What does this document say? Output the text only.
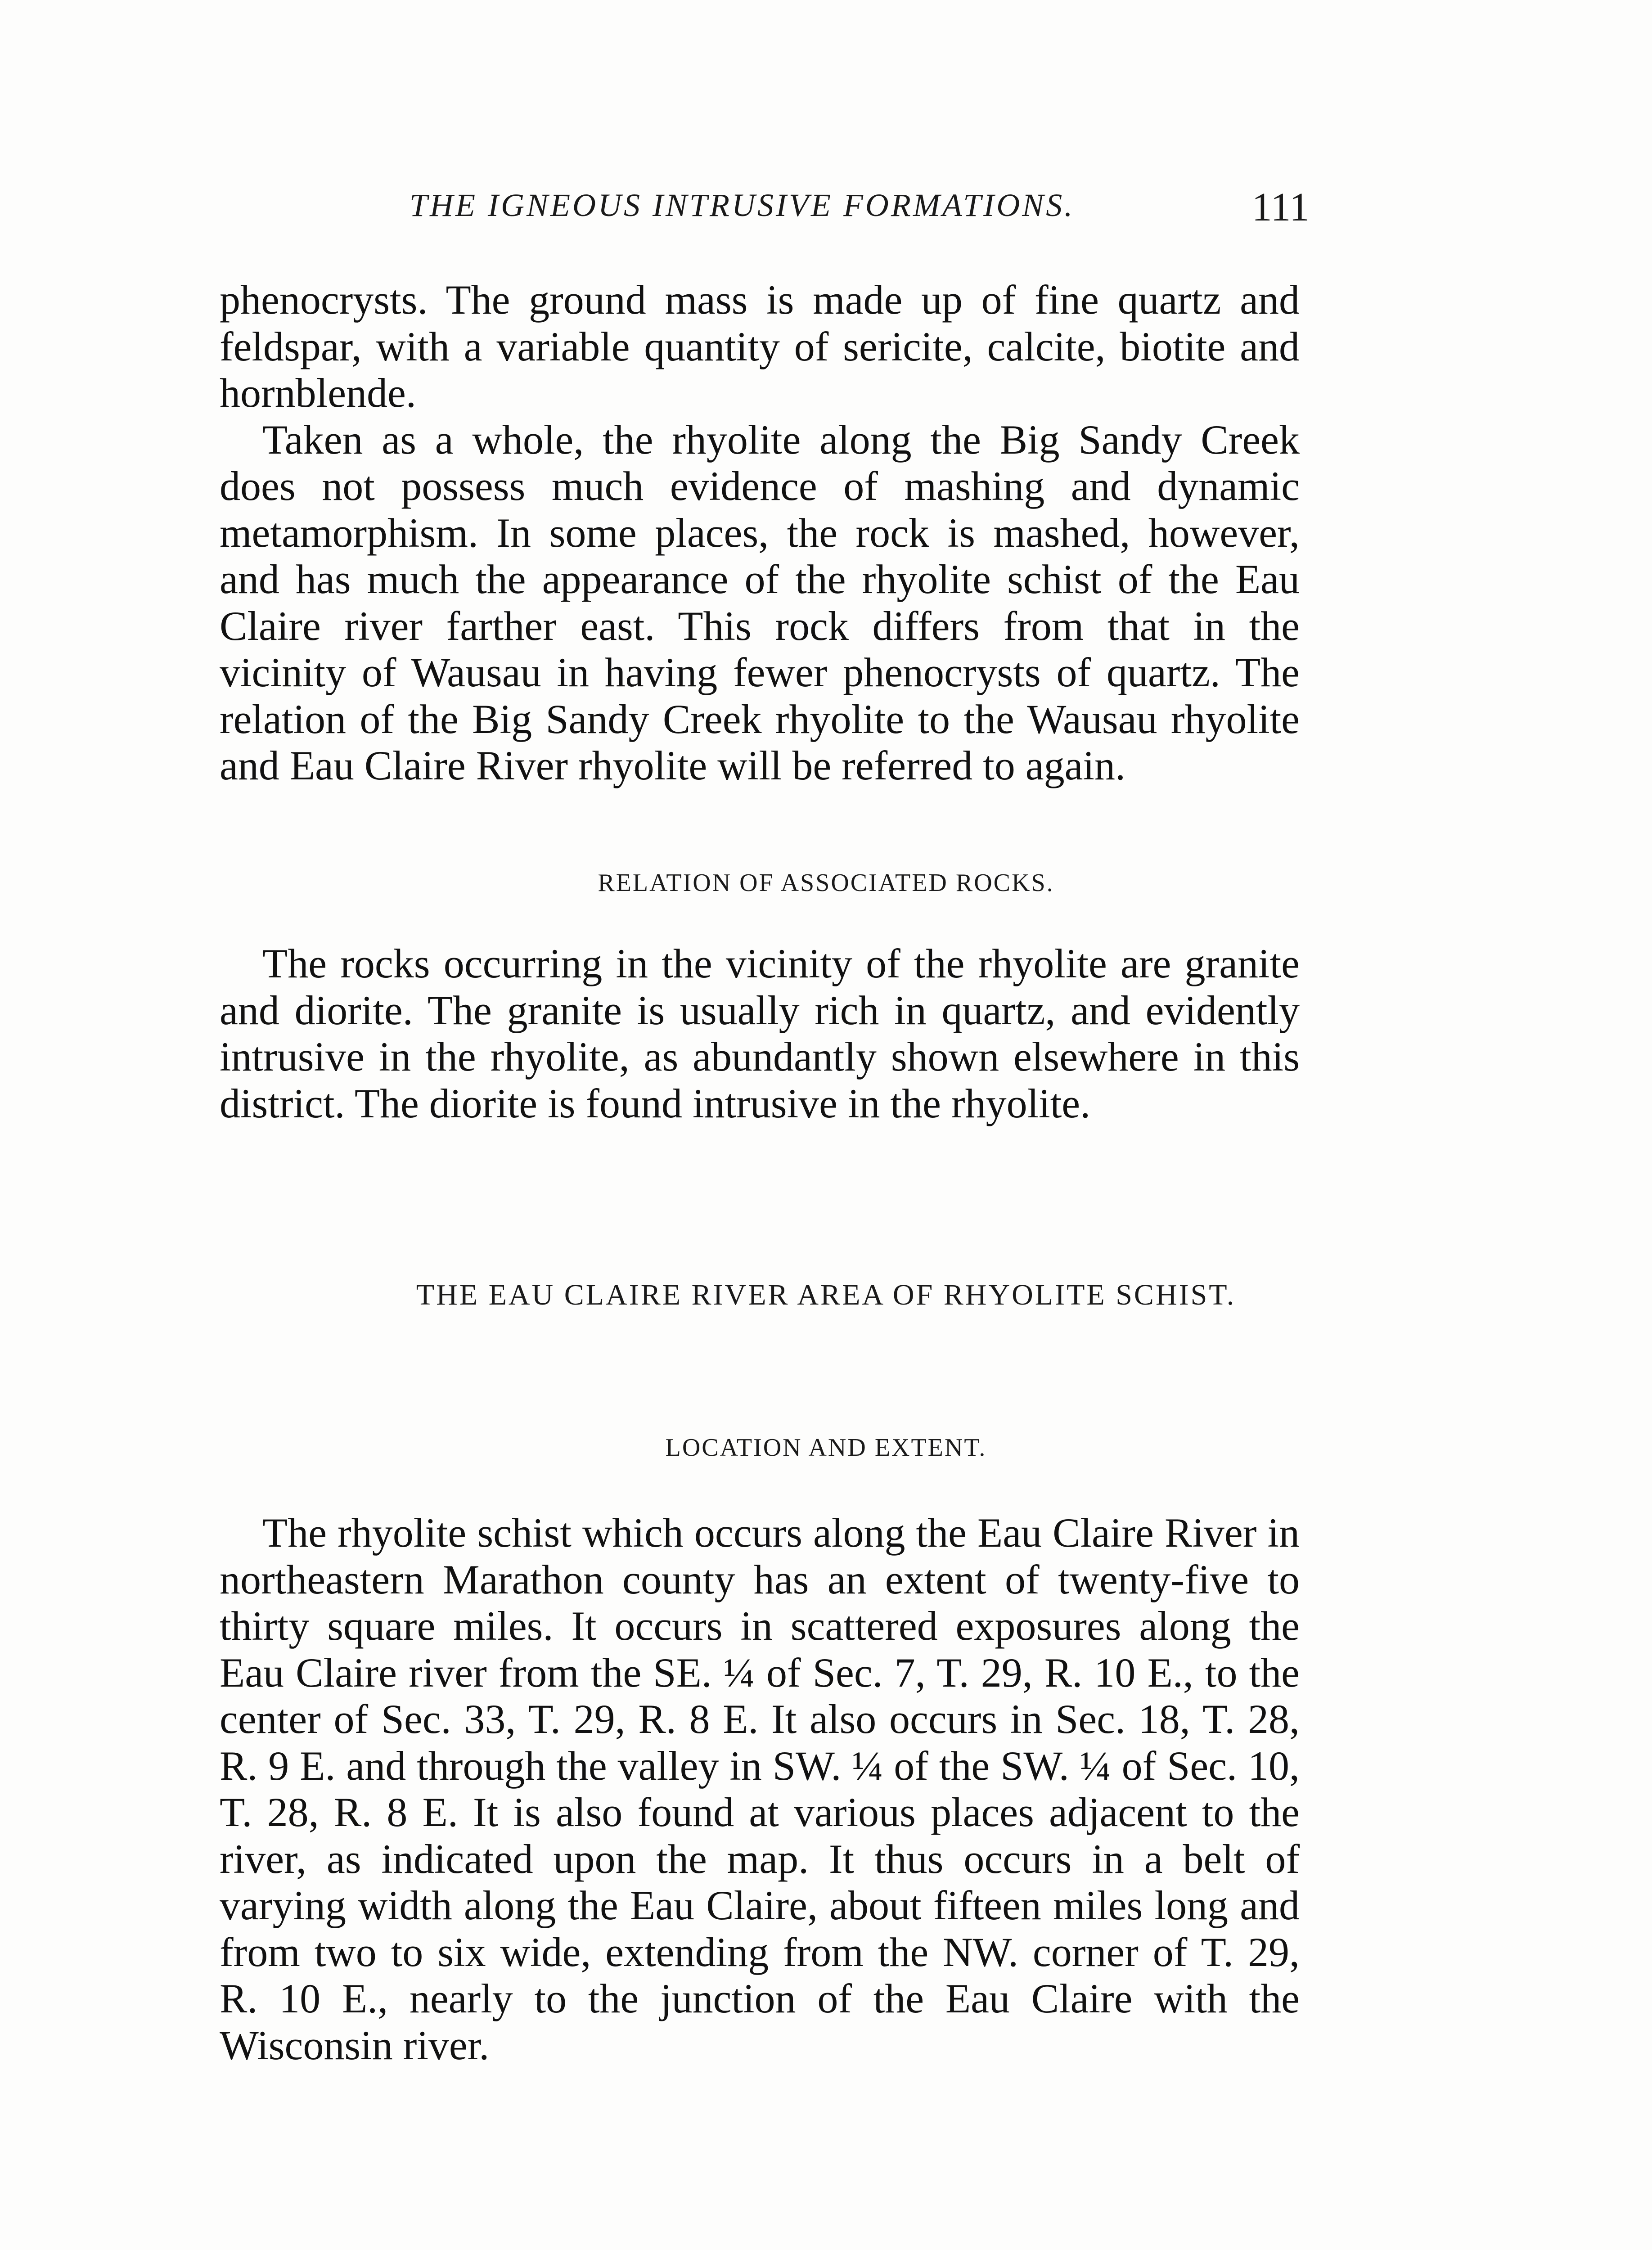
THE IGNEOUS INTRUSIVE FORMATIONS.	111

phenocrysts. The ground mass is made up of fine quartz and feldspar, with a variable quantity of sericite, calcite, biotite and hornblende.

Taken as a whole, the rhyolite along the Big Sandy Creek does not possess much evidence of mashing and dynamic metamorphism. In some places, the rock is mashed, however, and has much the appearance of the rhyolite schist of the Eau Claire river farther east. This rock differs from that in the vicinity of Wausau in having fewer phenocrysts of quartz. The relation of the Big Sandy Creek rhyolite to the Wausau rhyolite and Eau Claire River rhyolite will be referred to again.

RELATION OF ASSOCIATED ROCKS.

The rocks occurring in the vicinity of the rhyolite are granite and diorite. The granite is usually rich in quartz, and evidently intrusive in the rhyolite, as abundantly shown elsewhere in this district. The diorite is found intrusive in the rhyolite.

THE EAU CLAIRE RIVER AREA OF RHYOLITE SCHIST.
LOCATION AND EXTENT.

The rhyolite schist which occurs along the Eau Claire River in northeastern Marathon county has an extent of twenty-five to thirty square miles. It occurs in scattered exposures along the Eau Claire river from the SE. ¼ of Sec. 7, T. 29, R. 10 E., to the center of Sec. 33, T. 29, R. 8 E. It also occurs in Sec. 18, T. 28, R. 9 E. and through the valley in SW. ¼ of the SW. ¼ of Sec. 10, T. 28, R. 8 E. It is also found at various places adjacent to the river, as indicated upon the map. It thus occurs in a belt of varying width along the Eau Claire, about fifteen miles long and from two to six wide, extending from the NW. corner of T. 29, R. 10 E., nearly to the junction of the Eau Claire with the Wisconsin river.
